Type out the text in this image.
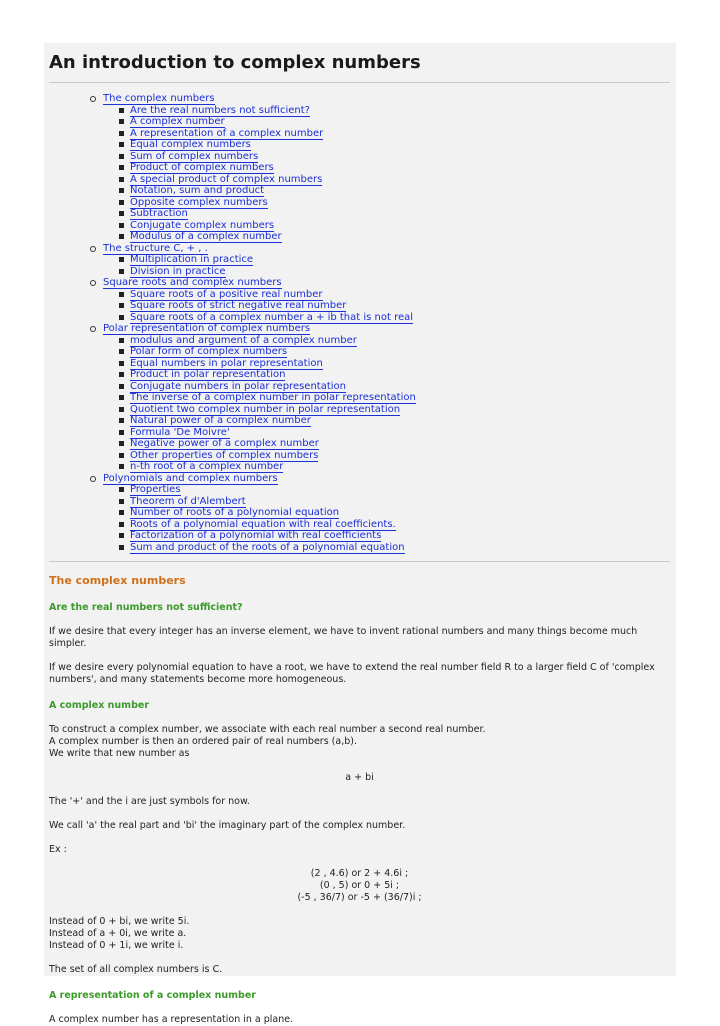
An introduction to complex numbers
The complex numbers
Are the real numbers not sufficient?
A complex number
A representation of a complex number
Equal complex numbers
Sum of complex numbers
Product of complex numbers
A special product of complex numbers
Notation, sum and product
Opposite complex numbers
Subtraction
Conjugate complex numbers
Modulus of a complex number
The structure C, + , .
Multiplication in practice
Division in practice
Square roots and complex numbers
Square roots of a positive real number
Square roots of strict negative real number
Square roots of a complex number a + ib that is not real
Polar representation of complex numbers
modulus and argument of a complex number
Polar form of complex numbers
Equal numbers in polar representation
Product in polar representation
Conjugate numbers in polar representation
The inverse of a complex number in polar representation
Quotient two complex number in polar representation
Natural power of a complex number
Formula 'De Moivre'
Negative power of a complex number
Other properties of complex numbers
n-th root of a complex number
Polynomials and complex numbers
Properties
Theorem of d'Alembert
Number of roots of a polynomial equation
Roots of a polynomial equation with real coefficients.
Factorization of a polynomial with real coefficients
Sum and product of the roots of a polynomial equation
The complex numbers
Are the real numbers not sufficient?

If we desire that every integer has an inverse element, we have to invent rational numbers and many things become much simpler.

If we desire every polynomial equation to have a root, we have to extend the real number field R to a larger field C of 'complex numbers', and many statements become more homogeneous.

A complex number

To construct a complex number, we associate with each real number a second real number.

A complex number is then an ordered pair of real numbers (a,b).

We write that new number as

a + bi

The '+' and the i are just symbols for now.

We call 'a' the real part and 'bi' the imaginary part of the complex number.

Ex :

(2 , 4.6) or 2 + 4.6i ;

(0 , 5) or 0 + 5i ;

(-5 , 36/7) or -5 + (36/7)i ;

Instead of 0 + bi, we write 5i.

Instead of a + 0i, we write a.

Instead of 0 + 1i, we write i.

The set of all complex numbers is C.

A representation of a complex number

A complex number has a representation in a plane.
